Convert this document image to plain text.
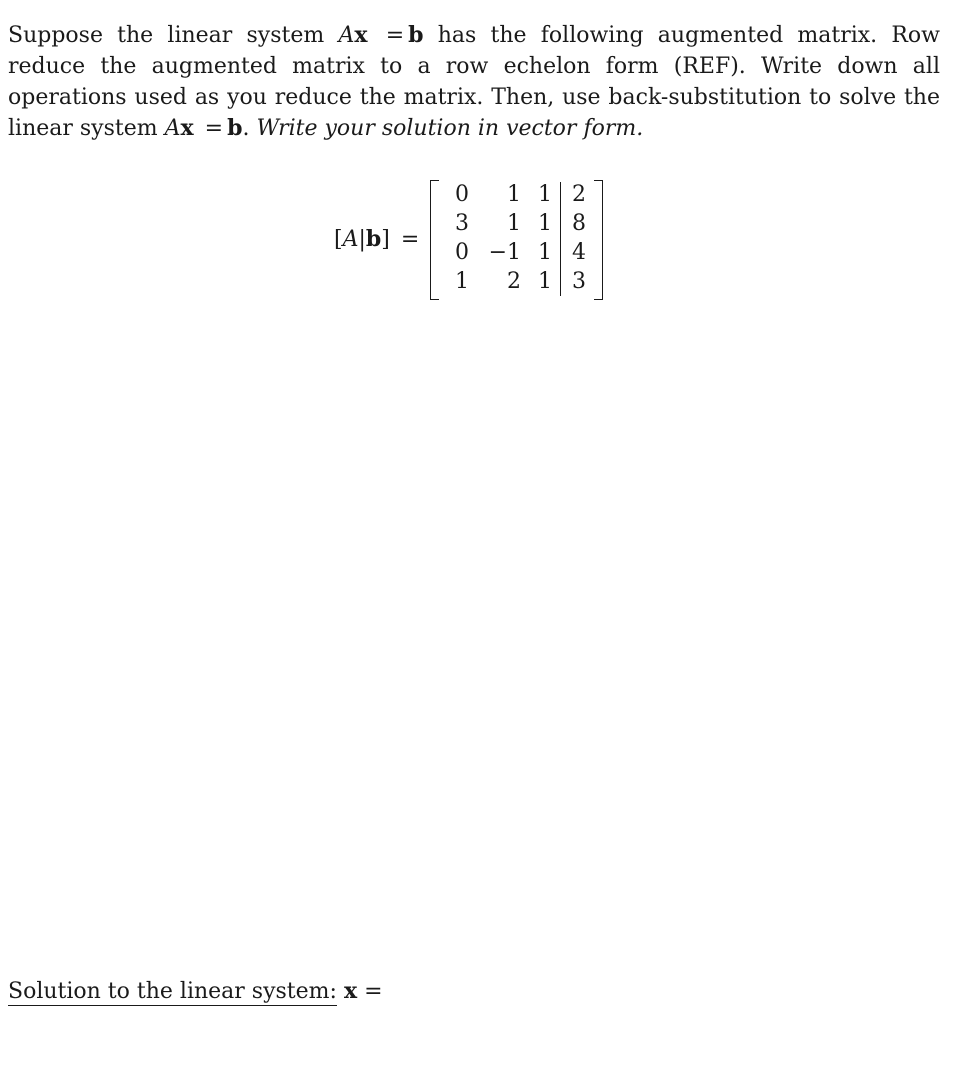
Suppose the linear system Ax = b has the following augmented matrix. Row reduce the augmented matrix to a row echelon form (REF). Write down all operations used as you reduce the matrix. Then, use back-substitution to solve the linear system Ax = b. Write your solution in vector form.

[A|b] =
0	1 1 2
3	1 1 8
0 −1 1 4
1	2 1 3
Solution to the linear system: x =
